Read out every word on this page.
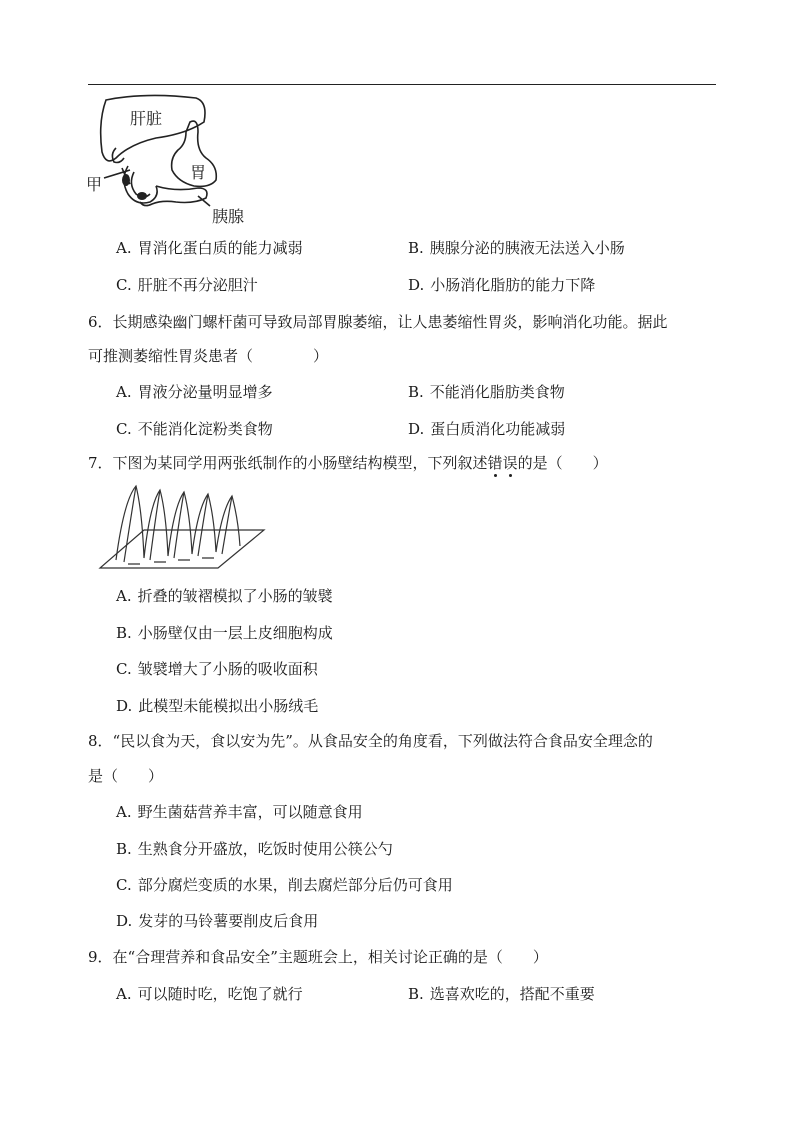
肝脏
胃
胰腺
甲
A. 胃消化蛋白质的能力减弱	B. 胰腺分泌的胰液无法送入小肠
C. 肝脏不再分泌胆汁	D. 小肠消化脂肪的能力下降
6．长期感染幽门螺杆菌可导致局部胃腺萎缩，让人患萎缩性胃炎，影响消化功能。据此
可推测萎缩性胃炎患者（　　　　）
A. 胃液分泌量明显增多	B. 不能消化脂肪类食物
C. 不能消化淀粉类食物	D. 蛋白质消化功能减弱
7．下图为某同学用两张纸制作的小肠壁结构模型，下列叙述错误的是（　　）
A. 折叠的皱褶模拟了小肠的皱襞
B. 小肠壁仅由一层上皮细胞构成
C. 皱襞增大了小肠的吸收面积
D. 此模型未能模拟出小肠绒毛
8．“民以食为天，食以安为先”。从食品安全的角度看，下列做法符合食品安全理念的
是（　　）
A. 野生菌菇营养丰富，可以随意食用
B. 生熟食分开盛放，吃饭时使用公筷公勺
C. 部分腐烂变质的水果，削去腐烂部分后仍可食用
D. 发芽的马铃薯要削皮后食用
9．在“合理营养和食品安全”主题班会上，相关讨论正确的是（　　）
A. 可以随时吃，吃饱了就行	B. 选喜欢吃的，搭配不重要
